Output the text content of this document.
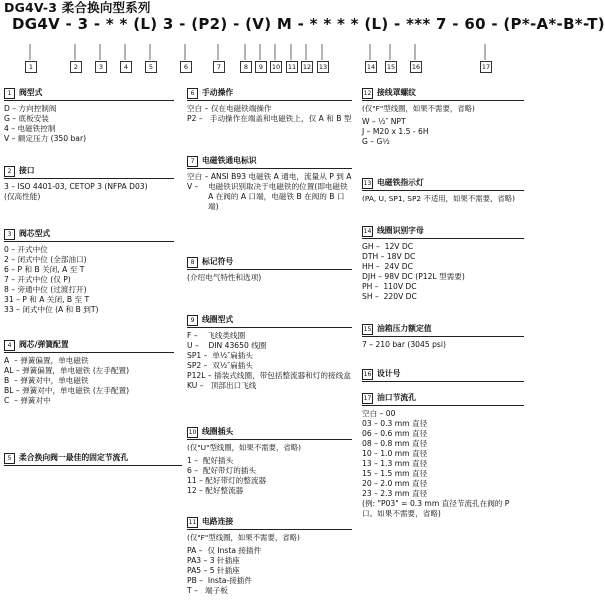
DG4V-3 柔合换向型系列
DG4V - 3 - * * (L) 3 - (P2) - (V) M - * * * * (L) - *** 7 - 60 - (P*-A*-B*-T)
1	2	3	4	5	6	7	8	9	10 11 12 13	14 15	16	17
1 阀型式
D – 方向控制阀
G – 底板安装
4 – 电磁铁控制
V – 额定压力 (350 bar)
2 接口
3 – ISO 4401-03, CETOP 3 (NFPA D03)
(仅高性能)
3 阀芯型式
0 – 开式中位
2 – 闭式中位 (全部油口)
6 – P 和 B 关闭, A 至 T
7 – 开式中位 (仅 P)
8 – 旁通中位 (过渡打开)
31 – P 和 A 关闭, B 至 T
33 – 闭式中位 (A 和 B 到T)
4 阀芯/弹簧配置
A  – 弹簧偏置，单电磁铁
AL – 弹簧偏置，单电磁铁 (左手配置)
B  – 弹簧对中，单电磁铁
BL – 弹簧对中，单电磁铁 (左手配置)
C  – 弹簧对中
5 柔合换向阀一最佳的固定节流孔
6 手动操作
空白 – 仅在电磁铁端操作
P2 – 手动操作在端盖和电磁铁上，仅 A 和 B 型
7 电磁铁通电标识
空白 – ANSI B93 电磁铁 A 通电，流量从 P 到 A
V – 电磁铁识别取决于电磁铁的位置(即电磁铁 A 在阀的 A 口端，电磁铁 B 在阀的 B 口端)
8 标记符号
(介绍电气特性和选项)
9 线圈型式
F – 飞线类线圈
U – DIN 43650 线圈
SP1 – 单¹⁄₂″扁插头
SP2 – 双¹⁄₂″扁插头
P12L – 插装式线圈，带包括整流器和灯的接线盒
KU – 顶部出口飞线
10 线圈插头
(仅"U"型线圈，如果不需要，省略)
1 – 配好插头
6 – 配好带灯的插头
11 – 配好带灯的整流器
12 – 配好整流器
11 电路连接
(仅"F"型线圈，如果不需要，省略)
PA – 仅 Insta 接插件
PA3 – 3 针插座
PA5 – 5 针插座
PB – Insta-接插件
T – 端子板
12 接线罩螺纹
(仅"F"型线圈，如果不需要，省略)
W – ¹⁄₂″ NPT
J – M20 x 1.5 - 6H
G – G¹⁄₂
13 电磁铁指示灯
(PA, U, SP1, SP2 不适用，如果不需要，省略)
14 线圈识别字母
GH – 12V DC
DTH – 18V DC
HH – 24V DC
DJH – 98V DC (P12L 型需要)
PH – 110V DC
SH – 220V DC
15 油箱压力额定值
7 – 210 bar (3045 psi)
16 设计号
17 油口节流孔
空白 – 00
03 – 0.3 mm 直径
06 – 0.6 mm 直径
08 – 0.8 mm 直径
10 – 1.0 mm 直径
13 – 1.3 mm 直径
15 – 1.5 mm 直径
20 – 2.0 mm 直径
23 – 2.3 mm 直径
(例: "P03" = 0.3 mm 直径节流孔在阀的 P 口。如果不需要，省略)
